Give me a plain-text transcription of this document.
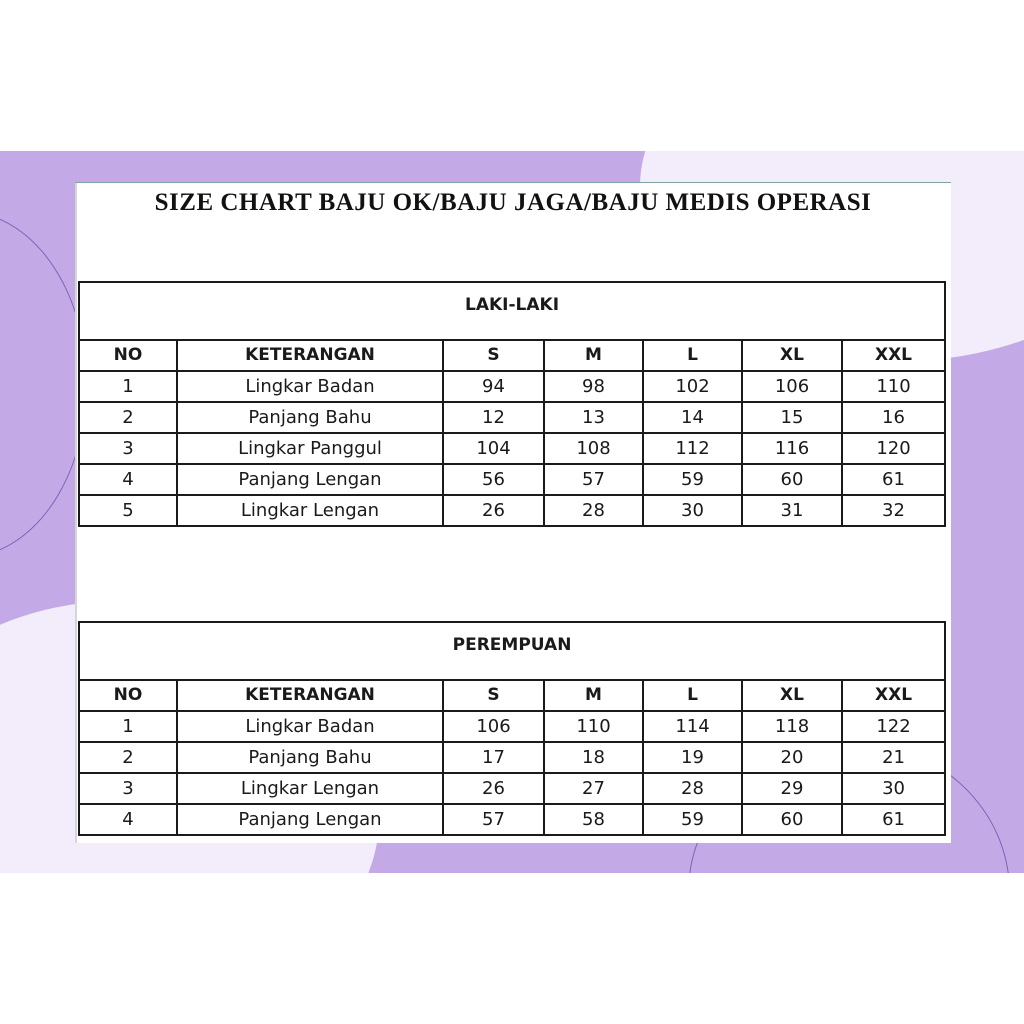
SIZE CHART BAJU OK/BAJU JAGA/BAJU MEDIS OPERASI
LAKI-LAKI						
NO	KETERANGAN	S	M	L	XL	XXL
1	Lingkar Badan	94	98	102	106	110
2	Panjang Bahu	12	13	14	15	16
3	Lingkar Panggul	104	108	112	116	120
4	Panjang Lengan	56	57	59	60	61
5	Lingkar Lengan	26	28	30	31	32
PEREMPUAN						
NO	KETERANGAN	S	M	L	XL	XXL
1	Lingkar Badan	106	110	114	118	122
2	Panjang Bahu	17	18	19	20	21
3	Lingkar Lengan	26	27	28	29	30
4	Panjang Lengan	57	58	59	60	61
